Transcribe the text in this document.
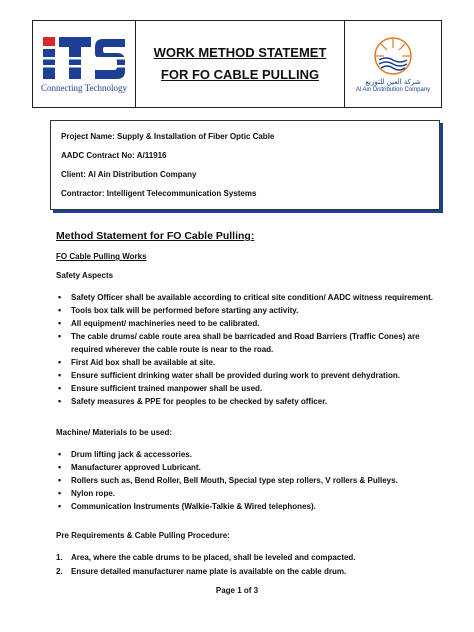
Connecting Technology
WORK METHOD STATEMET
FOR FO CABLE PULLING	شركة العين للتوزيع
Al Ain Distribution Company
Project Name: Supply & Installation of Fiber Optic Cable
AADC Contract No: A/11916
Client: Al Ain Distribution Company
Contractor: Intelligent Telecommunication Systems
Method Statement for FO Cable Pulling:
FO Cable Pulling Works
Safety Aspects
• Safety Officer shall be available according to critical site condition/ AADC witness requirement.
• Tools box talk will be performed before starting any activity.
• All equipment/ machineries need to be calibrated.
• The cable drums/ cable route area shall be barricaded and Road Barriers (Traffic Cones) are required wherever the cable route is near to the road.
• First Aid box shall be available at site.
• Ensure sufficient drinking water shall be provided during work to prevent dehydration.
• Ensure sufficient trained manpower shall be used.
• Safety measures & PPE for peoples to be checked by safety officer.
Machine/ Materials to be used:
• Drum lifting jack & accessories.
• Manufacturer approved Lubricant.
• Rollers such as, Bend Roller, Bell Mouth, Special type step rollers, V rollers & Pulleys.
• Nylon rope.
• Communication Instruments (Walkie-Talkie & Wired telephones).
Pre Requirements & Cable Pulling Procedure:
1. Area, where the cable drums to be placed, shall be leveled and compacted.
2. Ensure detailed manufacturer name plate is available on the cable drum.
Page 1 of 3
